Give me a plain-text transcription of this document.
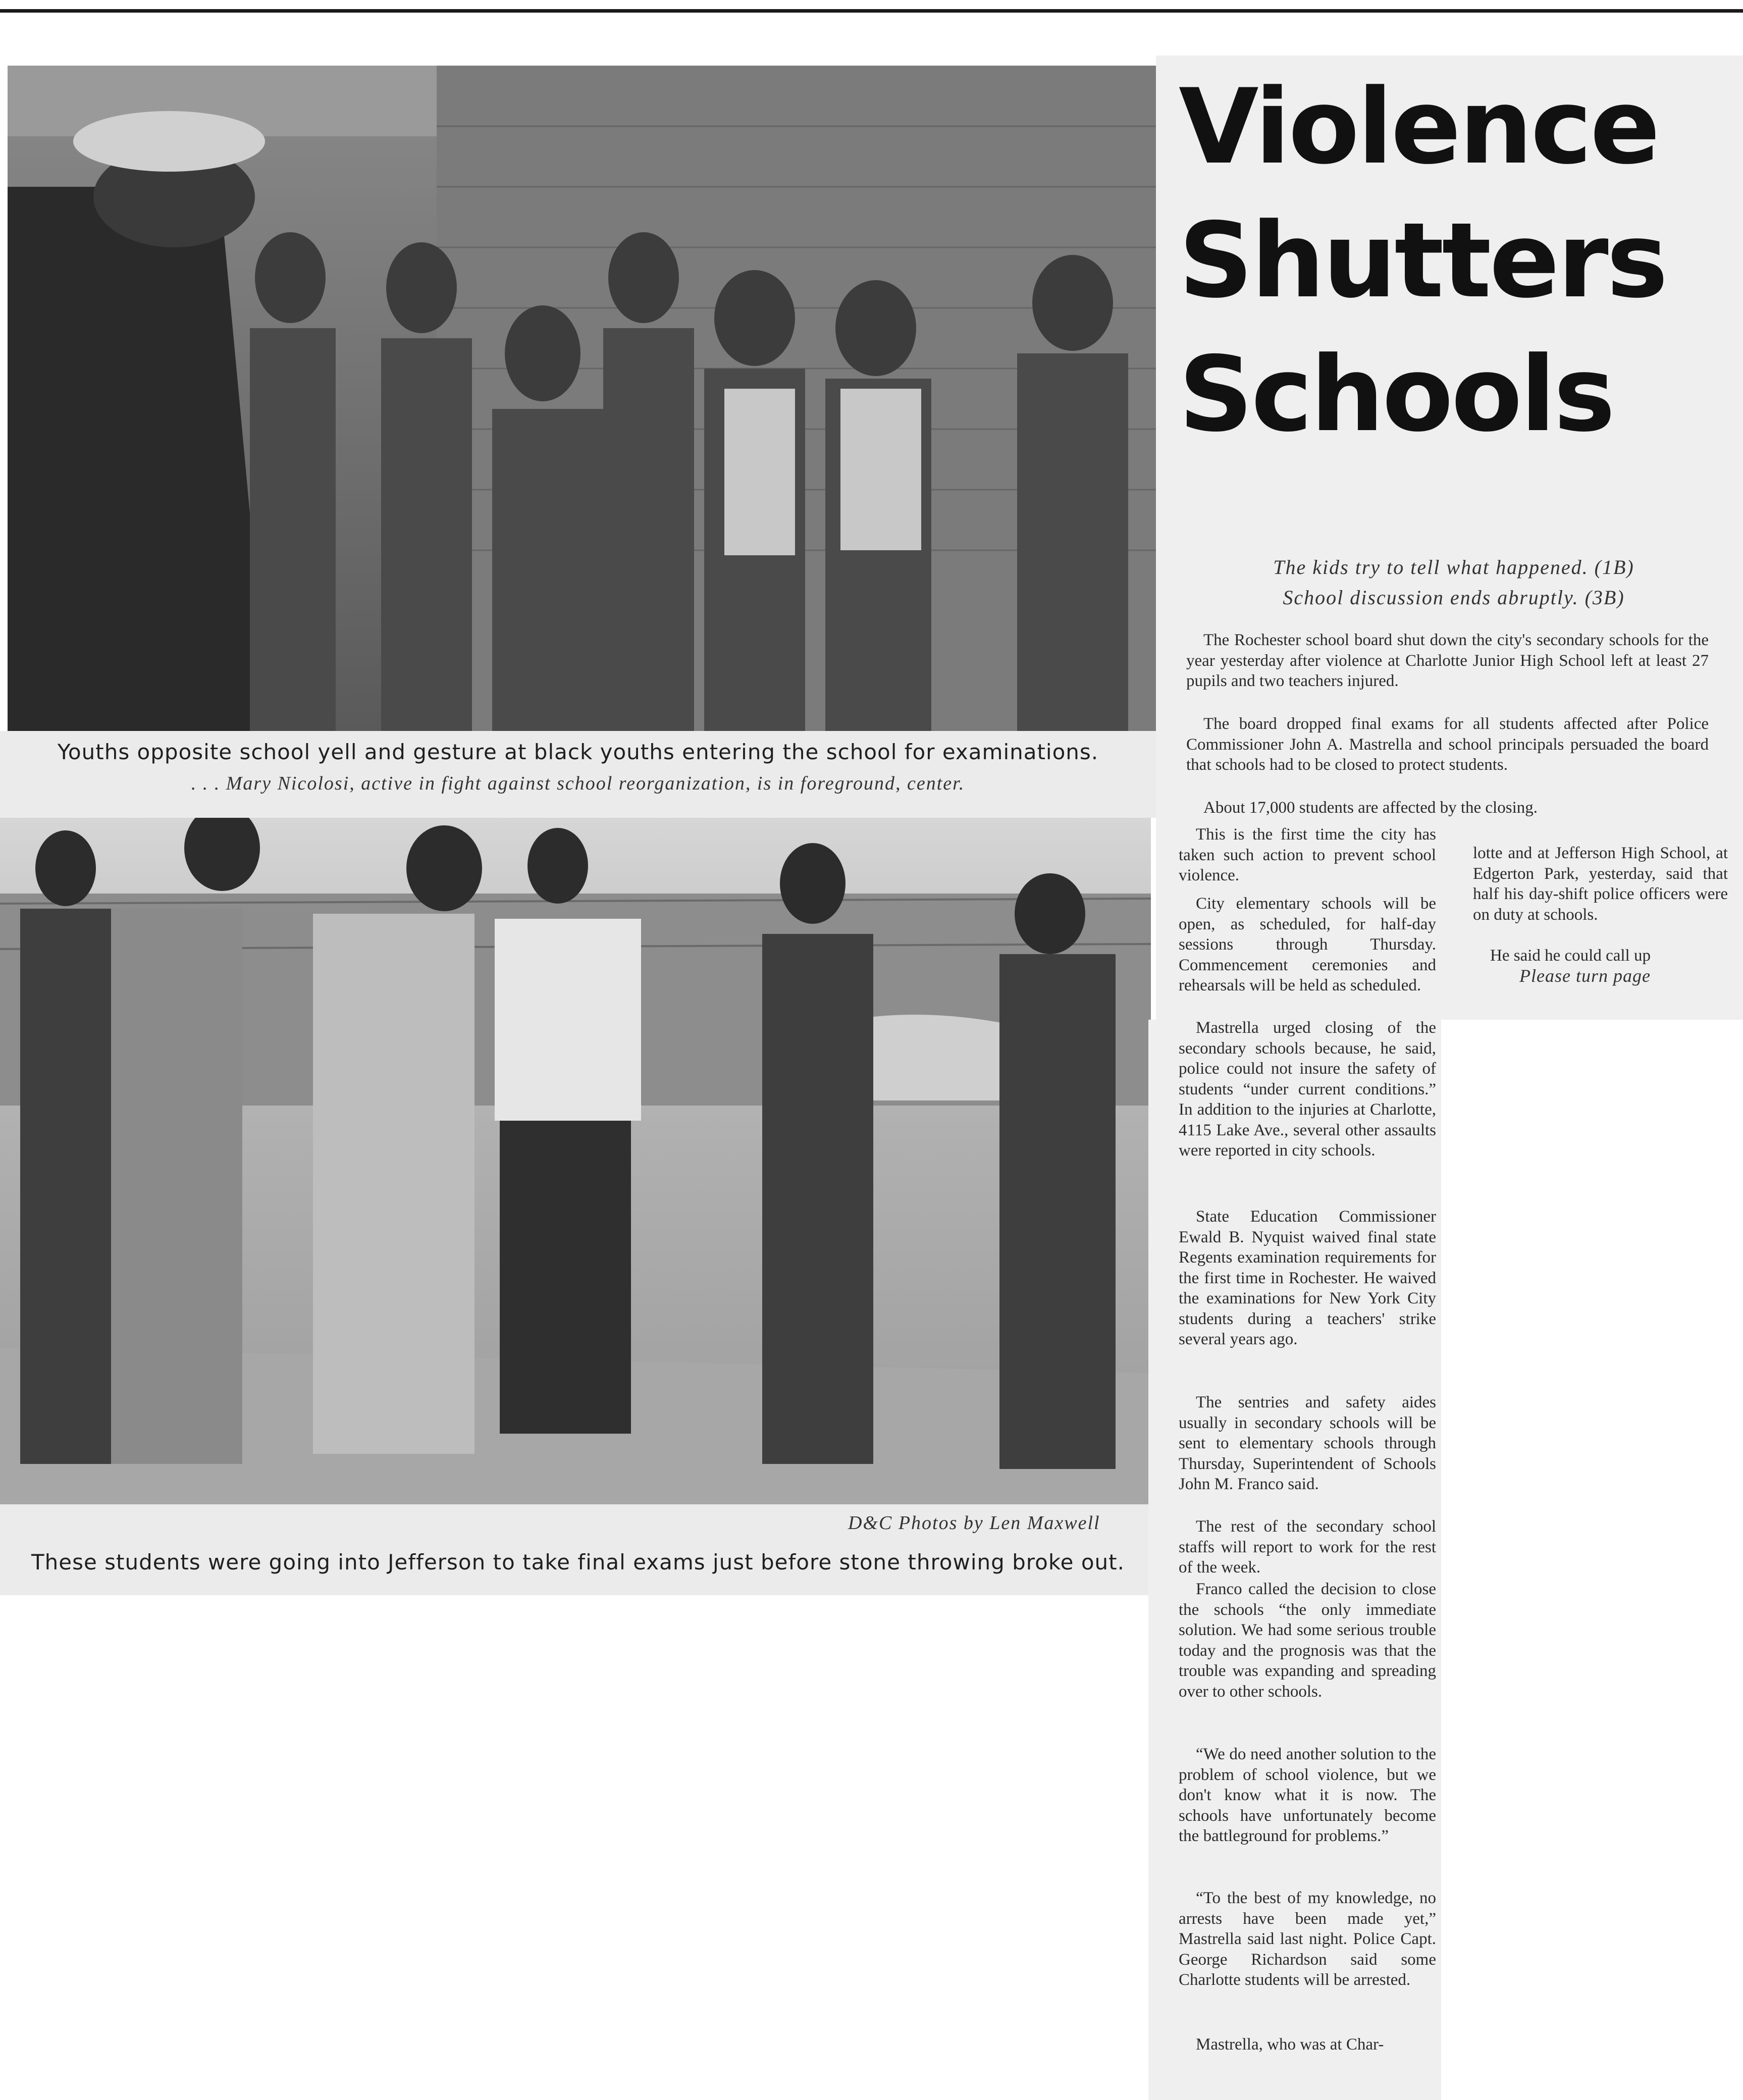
Youths opposite school yell and gesture at black youths entering the school for examinations.
. . . Mary Nicolosi, active in fight against school reorganization, is in foreground, center.
D&C Photos by Len Maxwell
These students were going into Jefferson to take final exams just before stone throwing broke out.
Violence
Shutters
Schools
The kids try to tell what happened. (1B)
School discussion ends abruptly. (3B)
The Rochester school board shut down the city's secondary schools for the year yesterday after violence at Charlotte Junior High School left at least 27 pupils and two teachers injured.
The board dropped final exams for all students affected after Police Commissioner John A. Mastrella and school principals persuaded the board that schools had to be closed to protect students.
About 17,000 students are affected by the closing.
This is the first time the city has taken such action to prevent school violence.
City elementary schools will be open, as scheduled, for half-day sessions through Thursday. Commencement ceremonies and rehearsals will be held as scheduled.
Mastrella urged closing of the secondary schools because, he said, police could not insure the safety of students “under current conditions.” In addition to the injuries at Charlotte, 4115 Lake Ave., several other assaults were reported in city schools.
State Education Commissioner Ewald B. Nyquist waived final state Regents examination requirements for the first time in Rochester. He waived the examinations for New York City students during a teachers' strike several years ago.
The sentries and safety aides usually in secondary schools will be sent to elementary schools through Thursday, Superintendent of Schools John M. Franco said.
The rest of the secondary school staffs will report to work for the rest of the week.
Franco called the decision to close the schools “the only immediate solution. We had some serious trouble today and the prognosis was that the trouble was expanding and spreading over to other schools.
“We do need another solution to the problem of school violence, but we don't know what it is now. The schools have unfortunately become the battleground for problems.”
“To the best of my knowledge, no arrests have been made yet,” Mastrella said last night. Police Capt. George Richardson said some Charlotte students will be arrested.
Mastrella, who was at Char-
lotte and at Jefferson High School, at Edgerton Park, yesterday, said that half his day-shift police officers were on duty at schools.
He said he could call up
Please turn page
